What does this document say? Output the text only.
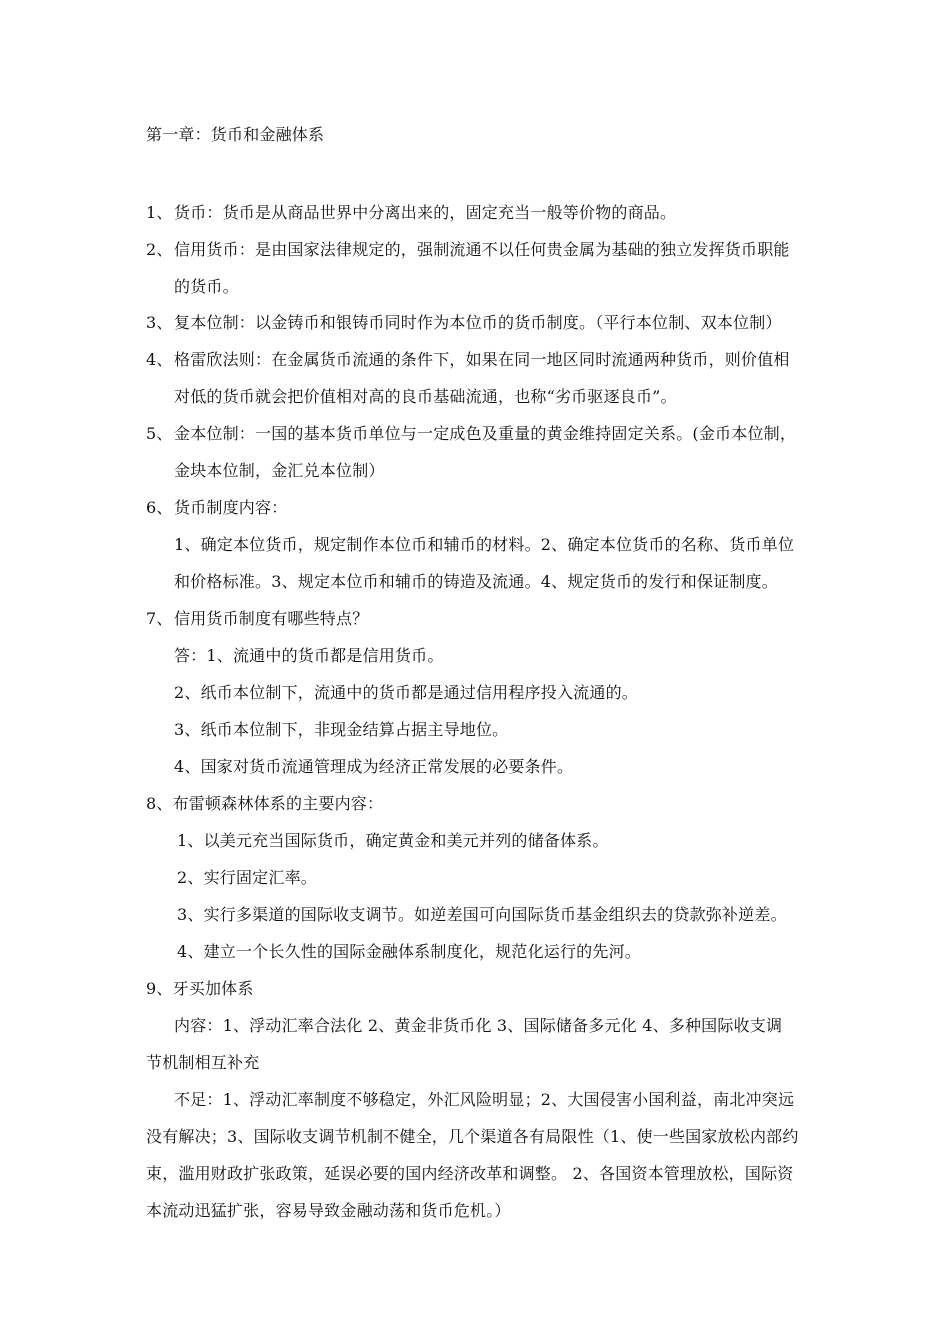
第一章：货币和金融体系
1、货币：货币是从商品世界中分离出来的，固定充当一般等价物的商品。
2、信用货币：是由国家法律规定的，强制流通不以任何贵金属为基础的独立发挥货币职能
的货币。
3、复本位制：以金铸币和银铸币同时作为本位币的货币制度。（平行本位制、双本位制）
4、格雷欣法则：在金属货币流通的条件下，如果在同一地区同时流通两种货币，则价值相
对低的货币就会把价值相对高的良币基础流通，也称“劣币驱逐良币”。
5、金本位制：一国的基本货币单位与一定成色及重量的黄金维持固定关系。(金币本位制，
金块本位制，金汇兑本位制）
6、货币制度内容：
1、确定本位货币，规定制作本位币和辅币的材料。2、确定本位货币的名称、货币单位
和价格标准。3、规定本位币和辅币的铸造及流通。4、规定货币的发行和保证制度。
7、信用货币制度有哪些特点？
答：1、流通中的货币都是信用货币。
2、纸币本位制下，流通中的货币都是通过信用程序投入流通的。
3、纸币本位制下，非现金结算占据主导地位。
4、国家对货币流通管理成为经济正常发展的必要条件。
8、布雷顿森林体系的主要内容：
1、以美元充当国际货币，确定黄金和美元并列的储备体系。
2、实行固定汇率。
3、实行多渠道的国际收支调节。如逆差国可向国际货币基金组织去的贷款弥补逆差。
4、建立一个长久性的国际金融体系制度化，规范化运行的先河。
9、牙买加体系
内容：1、浮动汇率合法化 2、黄金非货币化 3、国际储备多元化 4、多种国际收支调
节机制相互补充
不足：1、浮动汇率制度不够稳定，外汇风险明显；2、大国侵害小国利益，南北冲突远
没有解决；3、国际收支调节机制不健全，几个渠道各有局限性（1、使一些国家放松内部约
束，滥用财政扩张政策，延误必要的国内经济改革和调整。 2、各国资本管理放松，国际资
本流动迅猛扩张，容易导致金融动荡和货币危机。）
